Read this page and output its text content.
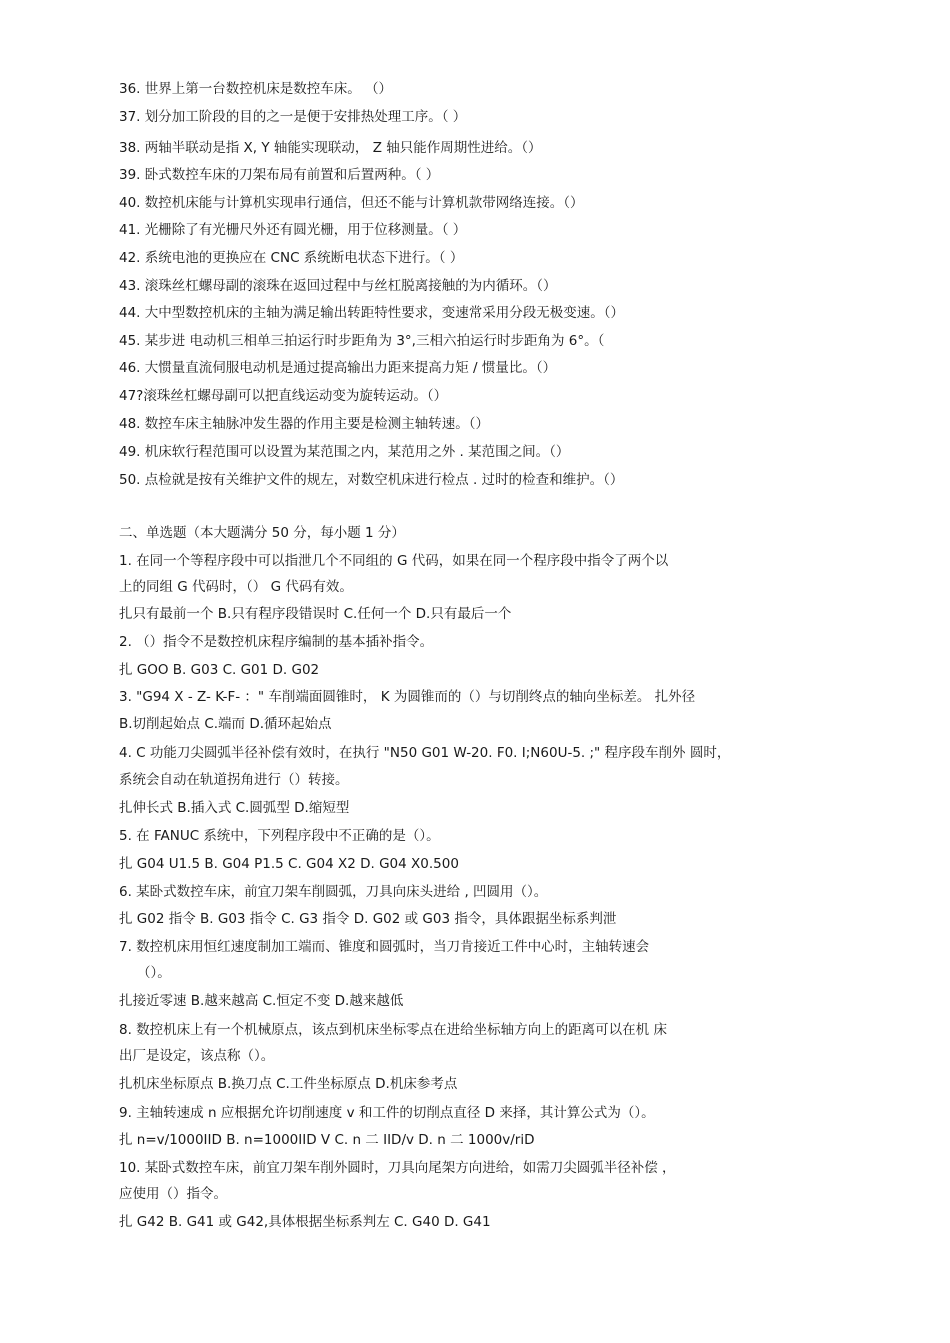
36. 世界上第一台数控机床是数控车床。 （）
37. 划分加工阶段的目的之一是便于安排热处理工序。（ ）
38. 两轴半联动是指 X, Y 轴能实现联动， Z 轴只能作周期性进给。（）
39. 卧式数控车床的刀架布局有前置和后置两种。（ ）
40. 数控机床能与计算机实现串行通信，但还不能与计算机款带网络连接。（）
41. 光栅除了有光栅尺外还有圆光栅，用于位移测量。（ ）
42. 系统电池的更换应在 CNC 系统断电状态下进行。（ ）
43. 滚珠丝杠螺母副的滚珠在返回过程中与丝杠脱离接触的为内循环。（）
44. 大中型数控机床的主轴为满足输出转距特性要求，变速常采用分段无极变速。（）
45. 某步进 电动机三相单三拍运行时步距角为 3°,三相六拍运行时步距角为 6°。（
46. 大惯量直流伺服电动机是通过提高输出力距来提高力矩 / 惯量比。（）
47?滚珠丝杠螺母副可以把直线运动变为旋转运动。（）
48. 数控车床主轴脉冲发生器的作用主要是检测主轴转速。（）
49. 机床软行程范围可以设置为某范围之内，某范用之外 . 某范围之间。（）
50. 点检就是按有关维护文件的规左，对数空机床进行检点 . 过时的检查和维护。（）
二、单选题（本大题满分 50 分，每小题 1 分）
1. 在同一个等程序段中可以指泄几个不同组的 G 代码，如果在同一个程序段中指令了两个以
上的同组 G 代码时，（） G 代码有效。
扎只有最前一个 B.只有程序段错误时 C.任何一个 D.只有最后一个
2. （）指令不是数控机床程序编制的基本插补指令。
扎 GOO B. G03 C. G01 D. G02
3. "G94 X - Z- K-F- ：" 车削端面圆锥时， K 为圆锥而的（）与切削终点的轴向坐标差。 扎外径
B.切削起始点 C.端而 D.循环起始点
4. C 功能刀尖圆弧半径补偿有效时，在执行 "N50 G01 W-20. F0. I;N60U-5. ;" 程序段车削外 圆时，
系统会自动在轨道拐角进行（）转接。
扎伸长式 B.插入式 C.圆弧型 D.缩短型
5. 在 FANUC 系统中，下列程序段中不正确的是（）。
扎 G04 U1.5 B. G04 P1.5 C. G04 X2 D. G04 X0.500
6. 某卧式数控车床，前宜刀架车削圆弧，刀具向床头进给 , 凹圆用（）。
扎 G02 指令 B. G03 指令 C. G3 指令 D. G02 或 G03 指令，具体跟据坐标系判泄
7. 数控机床用恒红速度制加工端而、锥度和圆弧时，当刀肯接近工件中心时，主轴转速会
（）。
扎接近零速 B.越来越高 C.恒定不变 D.越来越低
8. 数控机床上有一个机械原点，该点到机床坐标零点在进给坐标轴方向上的距离可以在机 床
出厂是设定，该点称（）。
扎机床坐标原点 B.换刀点 C.工件坐标原点 D.机床参考点
9. 主轴转速成 n 应根据允许切削速度 v 和工件的切削点直径 D 来择，其计算公式为（）。
扎 n=v/1000IID B. n=1000IID V C. n 二 IID/v D. n 二 1000v/riD
10. 某卧式数控车床，前宜刀架车削外圆时，刀具向尾架方向进给，如需刀尖圆弧半径补偿 ，
应使用（）指令。
扎 G42 B. G41 或 G42,具体根据坐标系判左 C. G40 D. G41
